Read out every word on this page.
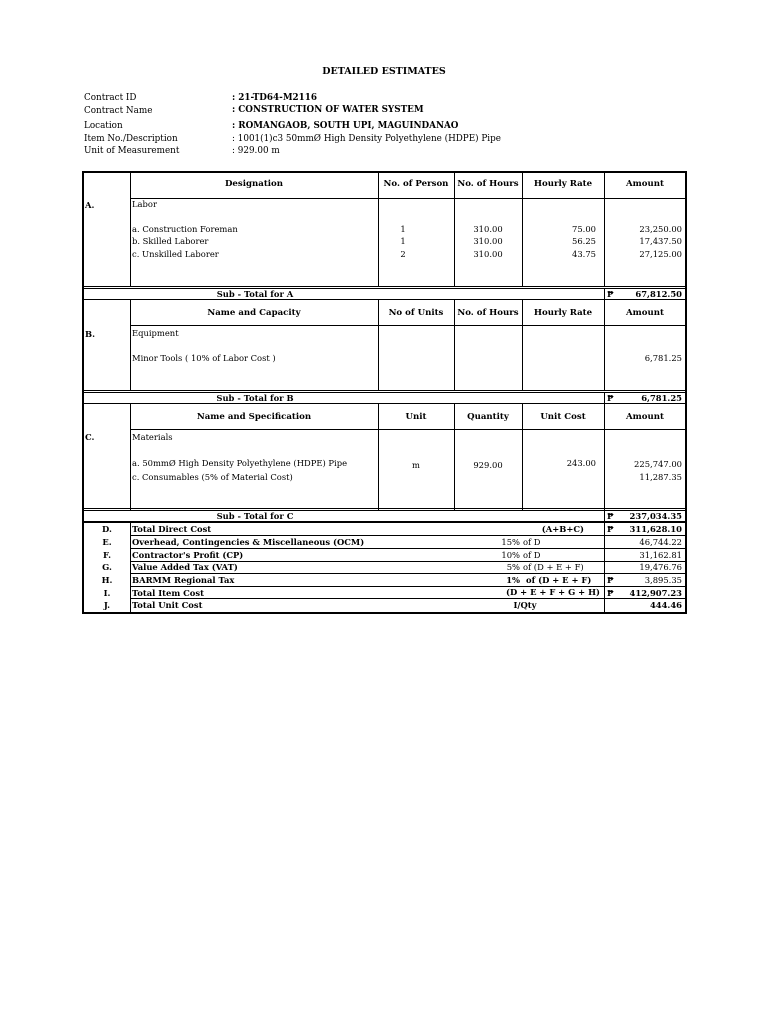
DETAILED ESTIMATES
Contract ID	: 21-TD64-M2116
Contract Name	: CONSTRUCTION OF WATER SYSTEM
Location	: ROMANGAOB, SOUTH UPI, MAGUINDANAO
Item No./Description	: 1001(1)c3 50mmØ High Density Polyethylene (HDPE) Pipe
Unit of Measurement	: 929.00 m
Designation	No. of Person	No. of Hours	Hourly Rate	Amount
A.	Labor
a. Construction Foreman	1	310.00	75.00	23,250.00
b. Skilled Laborer	1	310.00	56.25	17,437.50
c. Unskilled Laborer	2	310.00	43.75	27,125.00
Sub - Total for A	₱	67,812.50
Name and Capacity	No of Units	No. of Hours	Hourly Rate	Amount
B.	Equipment
Minor Tools ( 10% of Labor Cost )	6,781.25
Sub - Total for B	₱	6,781.25
Name and Specification	Unit	Quantity	Unit Cost	Amount
C.	Materials
a. 50mmØ High Density Polyethylene (HDPE) Pipe	m	929.00	243.00	225,747.00
c. Consumables (5% of Material Cost)	11,287.35
Sub - Total for C	₱	237,034.35
D.	Total Direct Cost	(A+B+C)	₱	311,628.10
E.	Overhead, Contingencies & Miscellaneous (OCM)	15% of D	46,744.22
F.	Contractor's Profit (CP)	10% of D	31,162.81
G.	Value Added Tax (VAT)	5% of (D + E + F)	19,476.76
H.	BARMM Regional Tax	1% of (D + E + F) ₱	3,895.35
I.	Total Item Cost	(D + E + F + G + H) ₱	412,907.23
J.	Total Unit Cost	I/Qty	444.46
